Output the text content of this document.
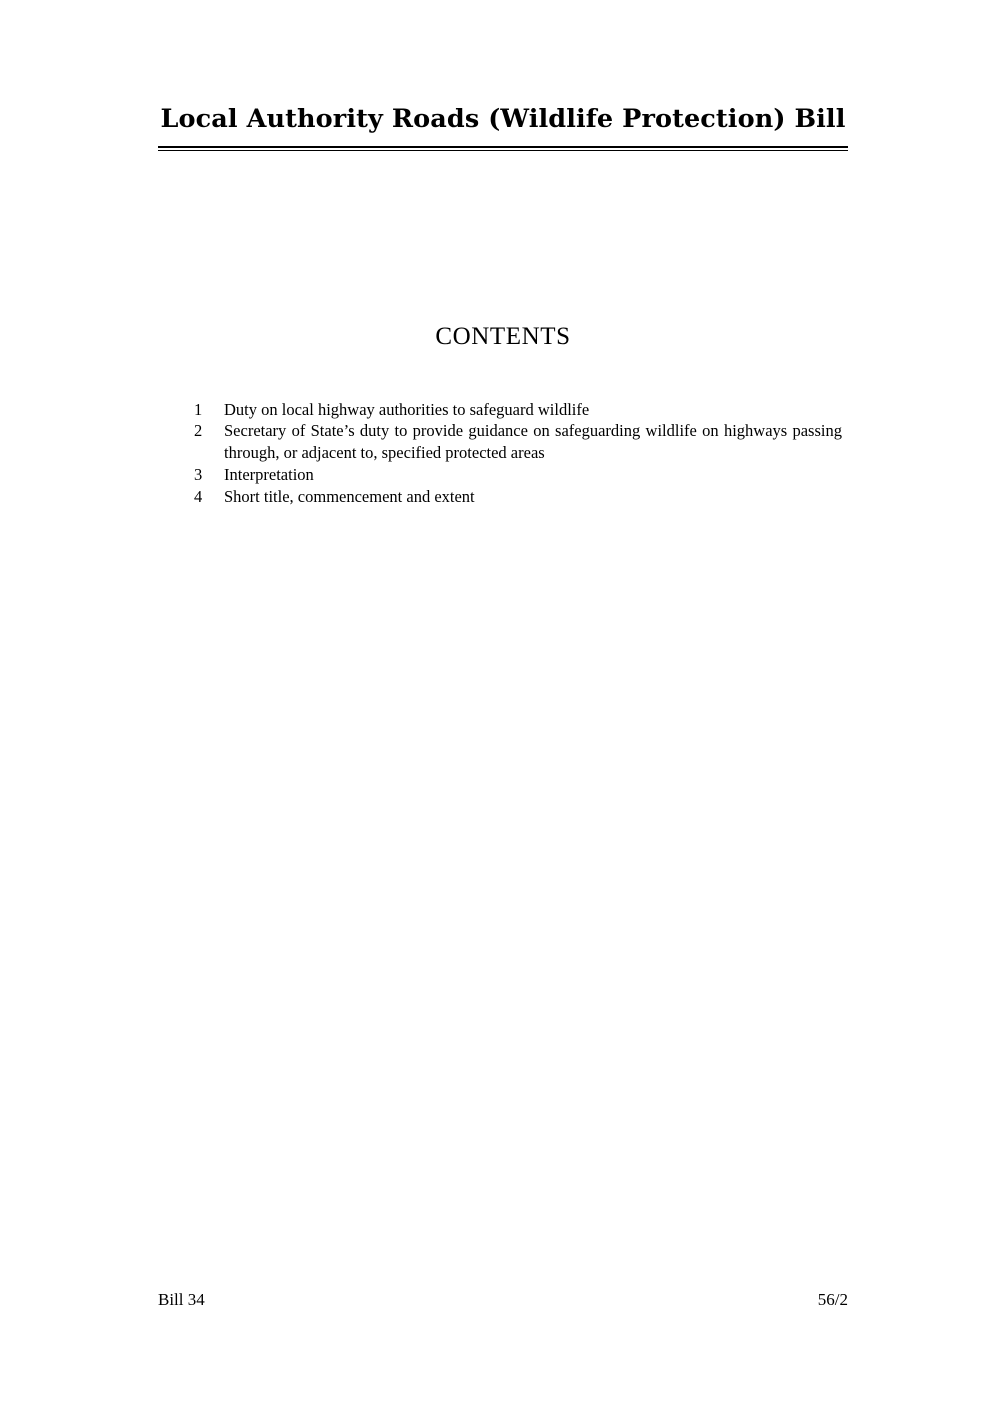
Local Authority Roads (Wildlife Protection) Bill
CONTENTS
1	Duty on local highway authorities to safeguard wildlife
2	Secretary of State’s duty to provide guidance on safeguarding wildlife on highways passing through, or adjacent to, specified protected areas
3	Interpretation
4	Short title, commencement and extent
Bill 34	56/2
